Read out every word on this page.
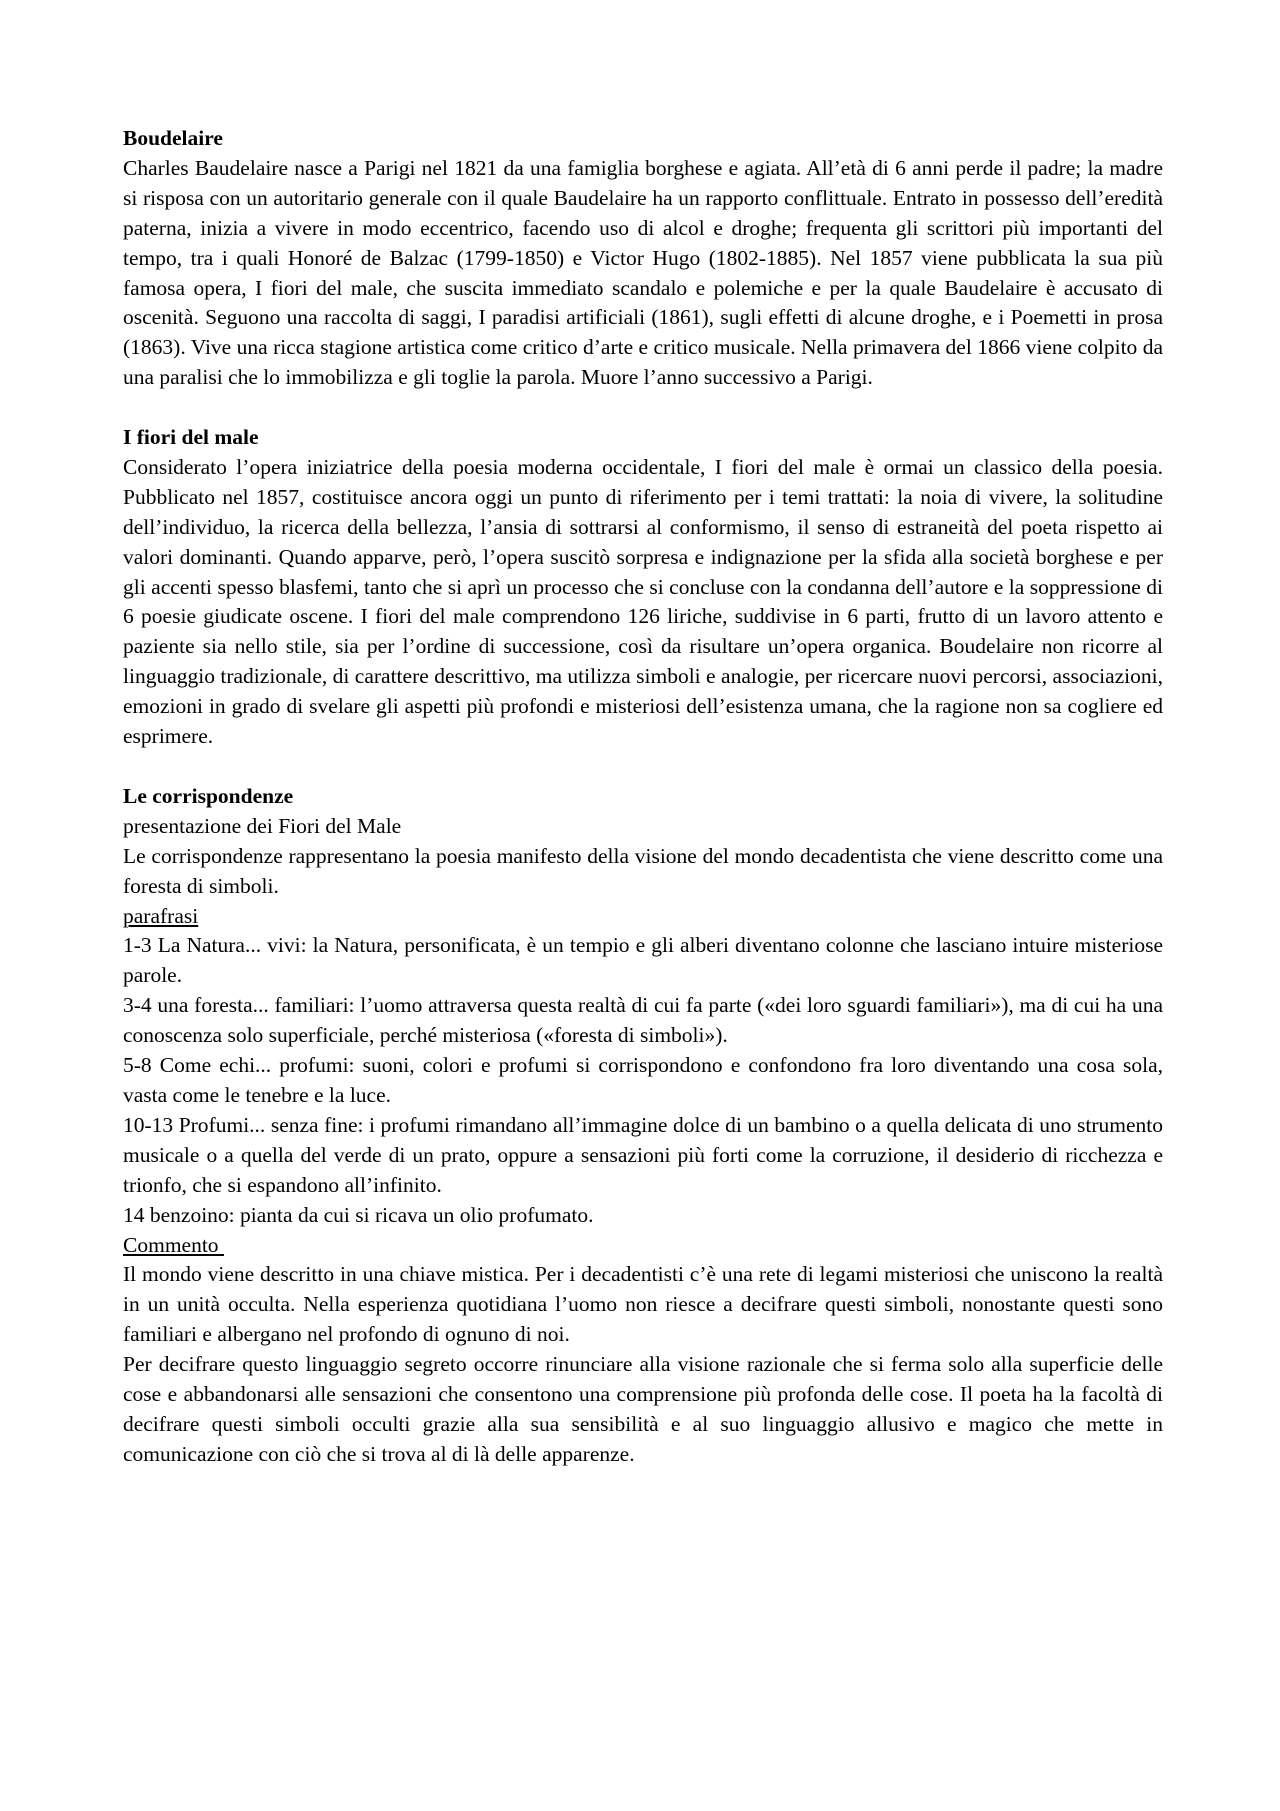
Boudelaire

Charles Baudelaire nasce a Parigi nel 1821 da una famiglia borghese e agiata. All’età di 6 anni perde il padre; la madre si risposa con un autoritario generale con il quale Baudelaire ha un rapporto conflittuale. Entrato in possesso dell’eredità paterna, inizia a vivere in modo eccentrico, facendo uso di alcol e droghe; frequenta gli scrittori più importanti del tempo, tra i quali Honoré de Balzac (1799-1850) e Victor Hugo (1802-1885). Nel 1857 viene pubblicata la sua più famosa opera, I fiori del male, che suscita immediato scandalo e polemiche e per la quale Baudelaire è accusato di oscenità. Seguono una raccolta di saggi, I paradisi artificiali (1861), sugli effetti di alcune droghe, e i Poemetti in prosa (1863). Vive una ricca stagione artistica come critico d’arte e critico musicale. Nella primavera del 1866 viene colpito da una paralisi che lo immobilizza e gli toglie la parola. Muore l’anno successivo a Parigi.

I fiori del male

Considerato l’opera iniziatrice della poesia moderna occidentale, I fiori del male è ormai un classico della poesia. Pubblicato nel 1857, costituisce ancora oggi un punto di riferimento per i temi trattati: la noia di vivere, la solitudine dell’individuo, la ricerca della bellezza, l’ansia di sottrarsi al conformismo, il senso di estraneità del poeta rispetto ai valori dominanti. Quando apparve, però, l’opera suscitò sorpresa e indignazione per la sfida alla società borghese e per gli accenti spesso blasfemi, tanto che si aprì un processo che si concluse con la condanna dell’autore e la soppressione di 6 poesie giudicate oscene. I fiori del male comprendono 126 liriche, suddivise in 6 parti, frutto di un lavoro attento e paziente sia nello stile, sia per l’ordine di successione, così da risultare un’opera organica. Boudelaire non ricorre al linguaggio tradizionale, di carattere descrittivo, ma utilizza simboli e analogie, per ricercare nuovi percorsi, associazioni, emozioni in grado di svelare gli aspetti più profondi e misteriosi dell’esistenza umana, che la ragione non sa cogliere ed esprimere.

Le corrispondenze
presentazione dei Fiori del Male

Le corrispondenze rappresentano la poesia manifesto della visione del mondo decadentista che viene descritto come una foresta di simboli.

parafrasi

1-3 La Natura... vivi: la Natura, personificata, è un tempio e gli alberi diventano colonne che lasciano intuire misteriose parole.

3-4 una foresta... familiari: l’uomo attraversa questa realtà di cui fa parte («dei loro sguardi familiari»), ma di cui ha una conoscenza solo superficiale, perché misteriosa («foresta di simboli»).

5-8 Come echi... profumi: suoni, colori e profumi si corrispondono e confondono fra loro diventando una cosa sola, vasta come le tenebre e la luce.

10-13 Profumi... senza fine: i profumi rimandano all’immagine dolce di un bambino o a quella delicata di uno strumento musicale o a quella del verde di un prato, oppure a sensazioni più forti come la corruzione, il desiderio di ricchezza e trionfo, che si espandono all’infinito.

14 benzoino: pianta da cui si ricava un olio profumato.

Commento

Il mondo viene descritto in una chiave mistica. Per i decadentisti c’è una rete di legami misteriosi che uniscono la realtà in un unità occulta. Nella esperienza quotidiana l’uomo non riesce a decifrare questi simboli, nonostante questi sono familiari e albergano nel profondo di ognuno di noi.

Per decifrare questo linguaggio segreto occorre rinunciare alla visione razionale che si ferma solo alla superficie delle cose e abbandonarsi alle sensazioni che consentono una comprensione più profonda delle cose. Il poeta ha la facoltà di decifrare questi simboli occulti grazie alla sua sensibilità e al suo linguaggio allusivo e magico che mette in comunicazione con ciò che si trova al di là delle apparenze.
